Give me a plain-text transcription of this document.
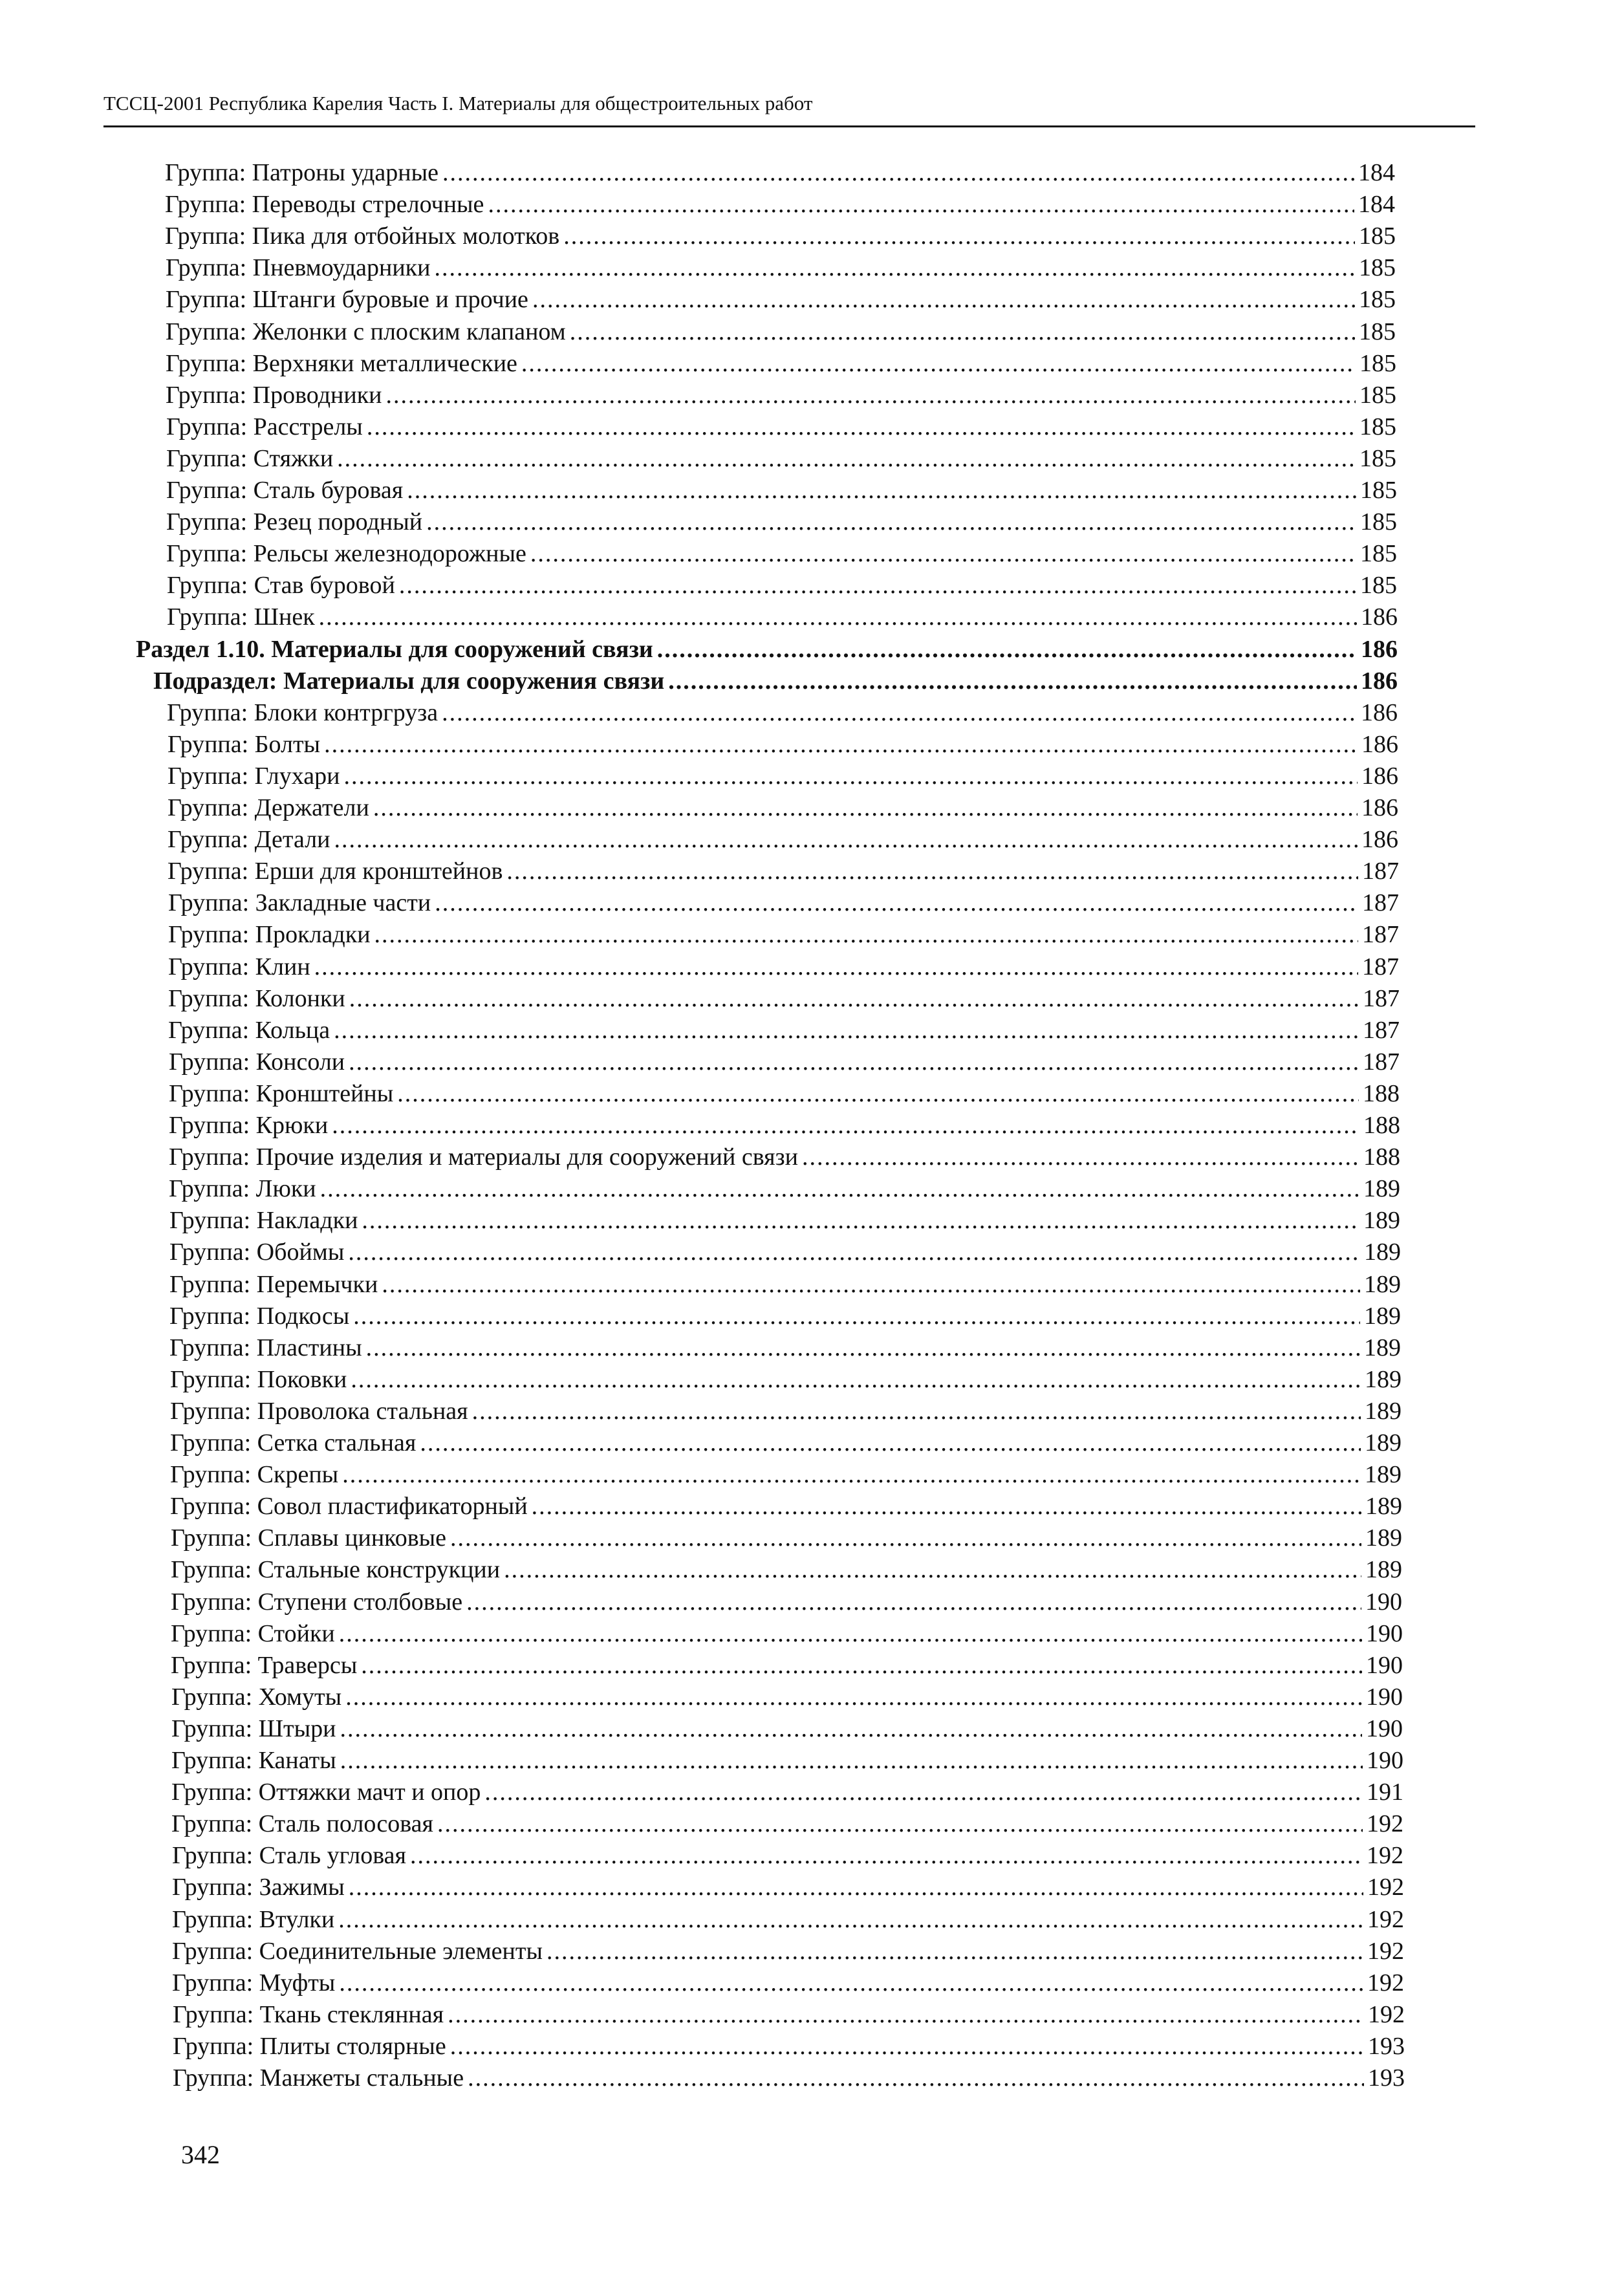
ТССЦ-2001 Республика Карелия Часть I. Материалы для общестроительных работ
Группа: Патроны ударные .....	184
Группа: Переводы стрелочные .....	184
Группа: Пика для отбойных молотков .....	185
Группа: Пневмоударники .....	185
Группа: Штанги буровые и прочие .....	185
Группа: Желонки с плоским клапаном .....	185
Группа: Верхняки металлические .....	185
Группа: Проводники .....	185
Группа: Расстрелы .....	185
Группа: Стяжки .....	185
Группа: Сталь буровая .....	185
Группа: Резец породный .....	185
Группа: Рельсы железнодорожные .....	185
Группа: Став буровой .....	185
Группа: Шнек .....	186
Раздел 1.10. Материалы для сооружений связи .....	186
Подраздел: Материалы для сооружения связи .....	186
Группа: Блоки контргруза .....	186
Группа: Болты .....	186
Группа: Глухари .....	186
Группа: Держатели .....	186
Группа: Детали .....	186
Группа: Ерши для кронштейнов .....	187
Группа: Закладные части .....	187
Группа: Прокладки .....	187
Группа: Клин .....	187
Группа: Колонки .....	187
Группа: Кольца .....	187
Группа: Консоли .....	187
Группа: Кронштейны .....	188
Группа: Крюки .....	188
Группа: Прочие изделия и материалы для сооружений связи .....	188
Группа: Люки .....	189
Группа: Накладки .....	189
Группа: Обоймы .....	189
Группа: Перемычки .....	189
Группа: Подкосы .....	189
Группа: Пластины .....	189
Группа: Поковки .....	189
Группа: Проволока стальная .....	189
Группа: Сетка стальная .....	189
Группа: Скрепы .....	189
Группа: Совол пластификаторный .....	189
Группа: Сплавы цинковые .....	189
Группа: Стальные конструкции .....	189
Группа: Ступени столбовые .....	190
Группа: Стойки .....	190
Группа: Траверсы .....	190
Группа: Хомуты .....	190
Группа: Штыри .....	190
Группа: Канаты .....	190
Группа: Оттяжки мачт и опор .....	191
Группа: Сталь полосовая .....	192
Группа: Сталь угловая .....	192
Группа: Зажимы .....	192
Группа: Втулки .....	192
Группа: Соединительные элементы .....	192
Группа: Муфты .....	192
Группа: Ткань стеклянная .....	192
Группа: Плиты столярные .....	193
Группа: Манжеты стальные .....	193
342
